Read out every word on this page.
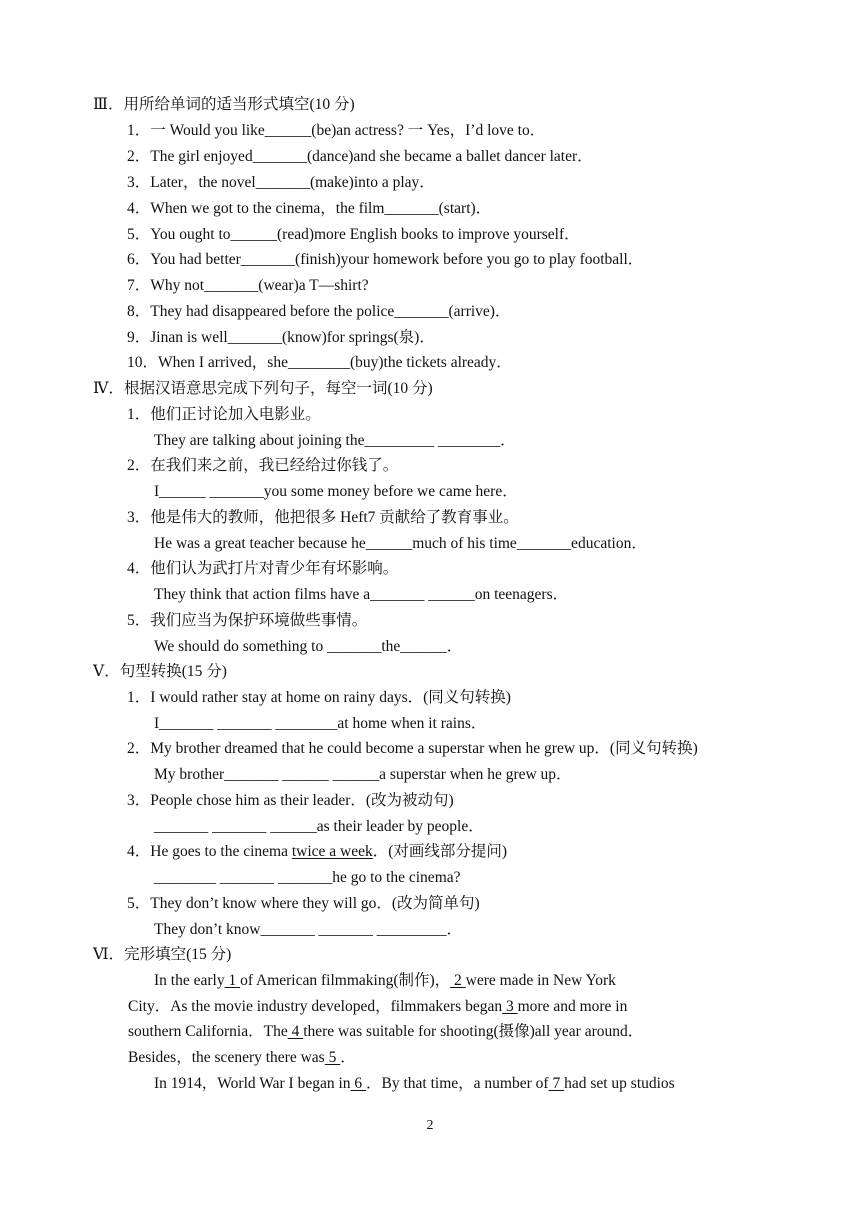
Ⅲ．用所给单词的适当形式填空(10 分)
1．一 Would you like______(be)an actress? 一 Yes，I’d love to．
2．The girl enjoyed_______(dance)and she became a ballet dancer later．
3．Later，the novel_______(make)into a play．
4．When we got to the cinema，the film_______(start)．
5．You ought to______(read)more English books to improve yourself．
6．You had better_______(finish)your homework before you go to play football．
7．Why not_______(wear)a T—shirt?
8．They had disappeared before the police_______(arrive)．
9．Jinan is well_______(know)for springs(泉)．
10．When I arrived，she________(buy)the tickets already．
Ⅳ．根据汉语意思完成下列句子，每空一词(10 分)
1．他们正讨论加入电影业。
They are talking about joining the_________ ________．
2．在我们来之前，我已经给过你钱了。
I______ _______you some money before we came here．
3．他是伟大的教师，他把很多 Heft7 贡献给了教育事业。
He was a great teacher because he______much of his time_______education．
4．他们认为武打片对青少年有坏影响。
They think that action films have a_______ ______on teenagers．
5．我们应当为保护环境做些事情。
We should do something to _______the______．
Ⅴ．句型转换(15 分)
1．I would rather stay at home on rainy days．(同义句转换)
I_______ _______ ________at home when it rains．
2．My brother dreamed that he could become a superstar when he grew up．(同义句转换)
My brother_______ ______ ______a superstar when he grew up．
3．People chose him as their leader．(改为被动句)
_______ _______ ______as their leader by people．
4．He goes to the cinema twice a week．(对画线部分提问)
________ _______ _______he go to the cinema?
5．They don’t know where they will go．(改为简单句)
They don’t know_______ _______ _________．
Ⅵ．完形填空(15 分)
In the early 1 of American filmmaking(制作)， 2 were made in New York
City．As the movie industry developed，filmmakers began 3 more and more in
southern California．The 4 there was suitable for shooting(摄像)all year around．
Besides，the scenery there was 5 ．
In 1914，World War I began in 6 ．By that time，a number of 7 had set up studios
2
